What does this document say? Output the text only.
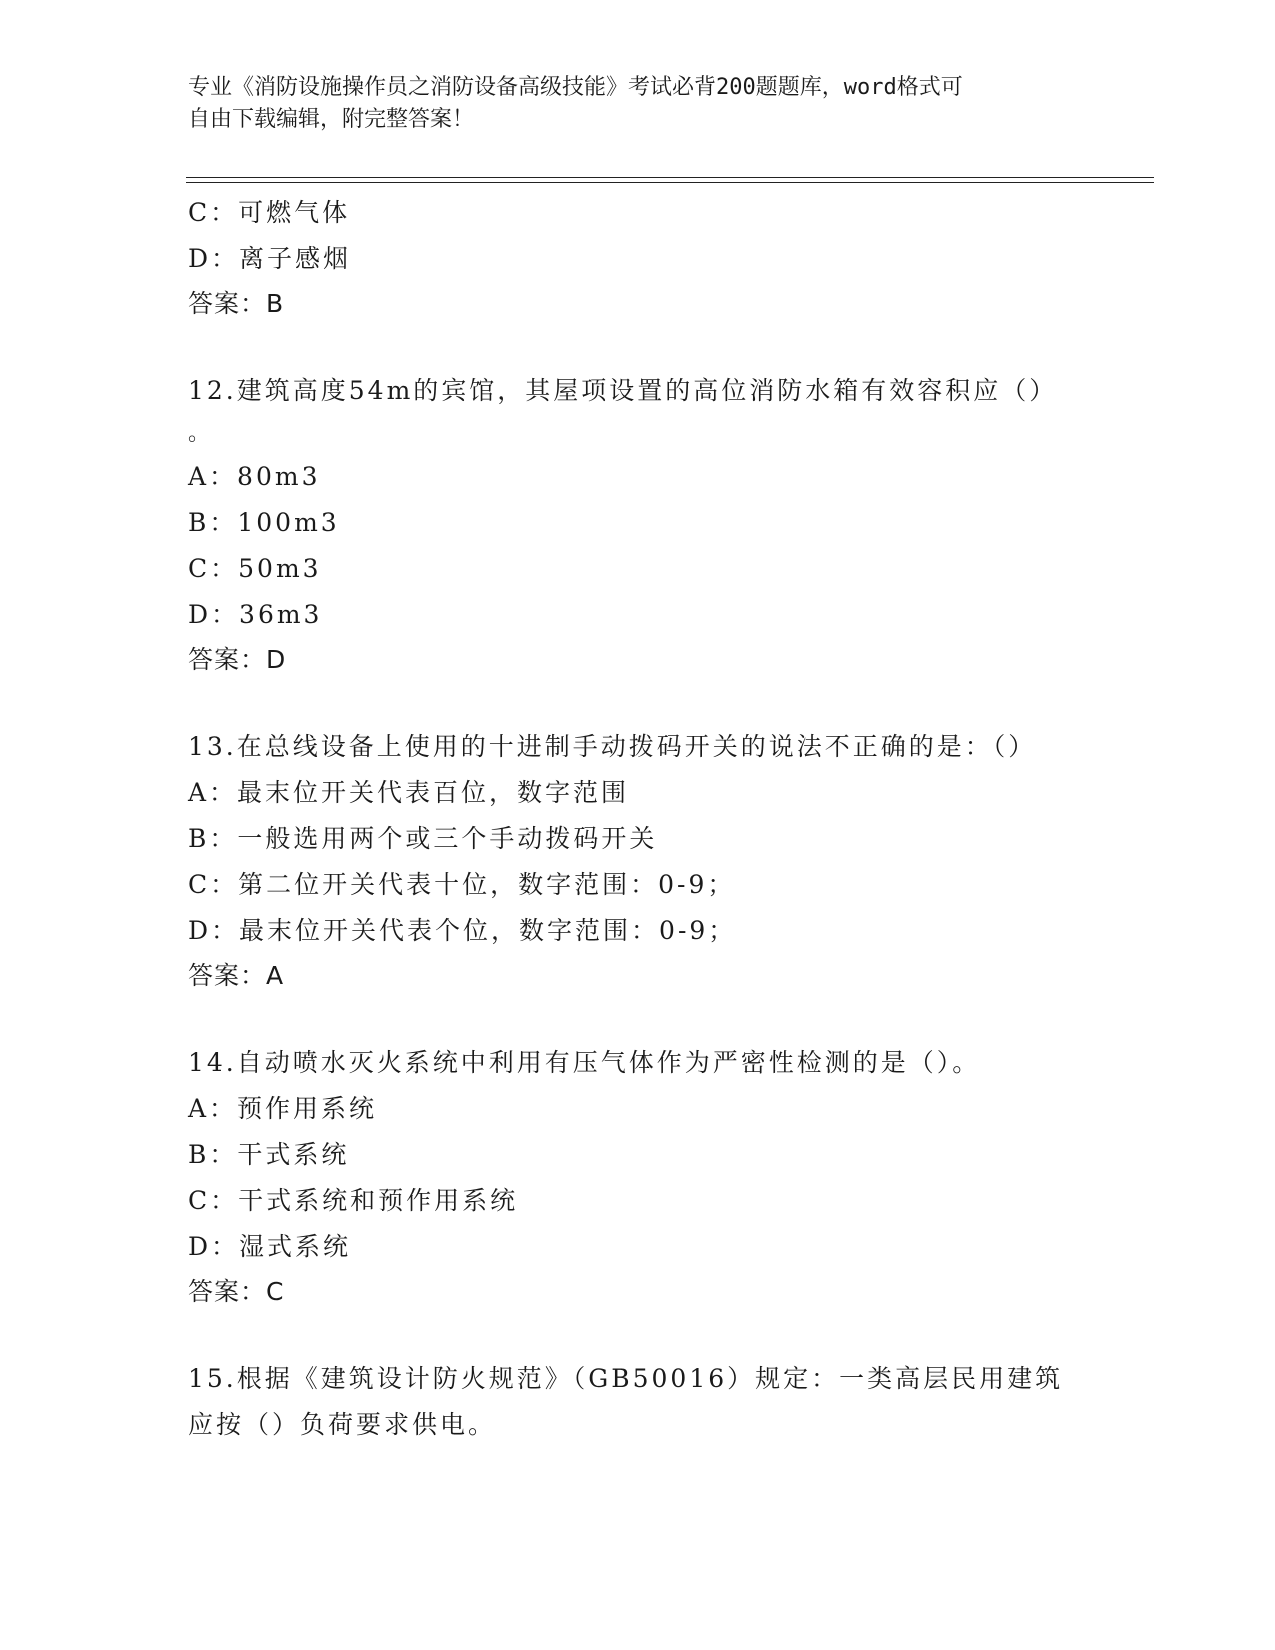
专业《消防设施操作员之消防设备高级技能》考试必背200题题库，word格式可
自由下载编辑，附完整答案！
C：可燃气体
D：离子感烟
答案：B
12.建筑高度54m的宾馆，其屋项设置的高位消防水箱有效容积应（）
。
A：80m3
B：100m3
C：50m3
D：36m3
答案：D
13.在总线设备上使用的十进制手动拨码开关的说法不正确的是：（）
A：最末位开关代表百位，数字范围
B：一般选用两个或三个手动拨码开关
C：第二位开关代表十位，数字范围：0-9；
D：最末位开关代表个位，数字范围：0-9；
答案：A
14.自动喷水灭火系统中利用有压气体作为严密性检测的是（）。
A：预作用系统
B：干式系统
C：干式系统和预作用系统
D：湿式系统
答案：C
15.根据《建筑设计防火规范》（GB50016）规定：一类高层民用建筑
应按（）负荷要求供电。
